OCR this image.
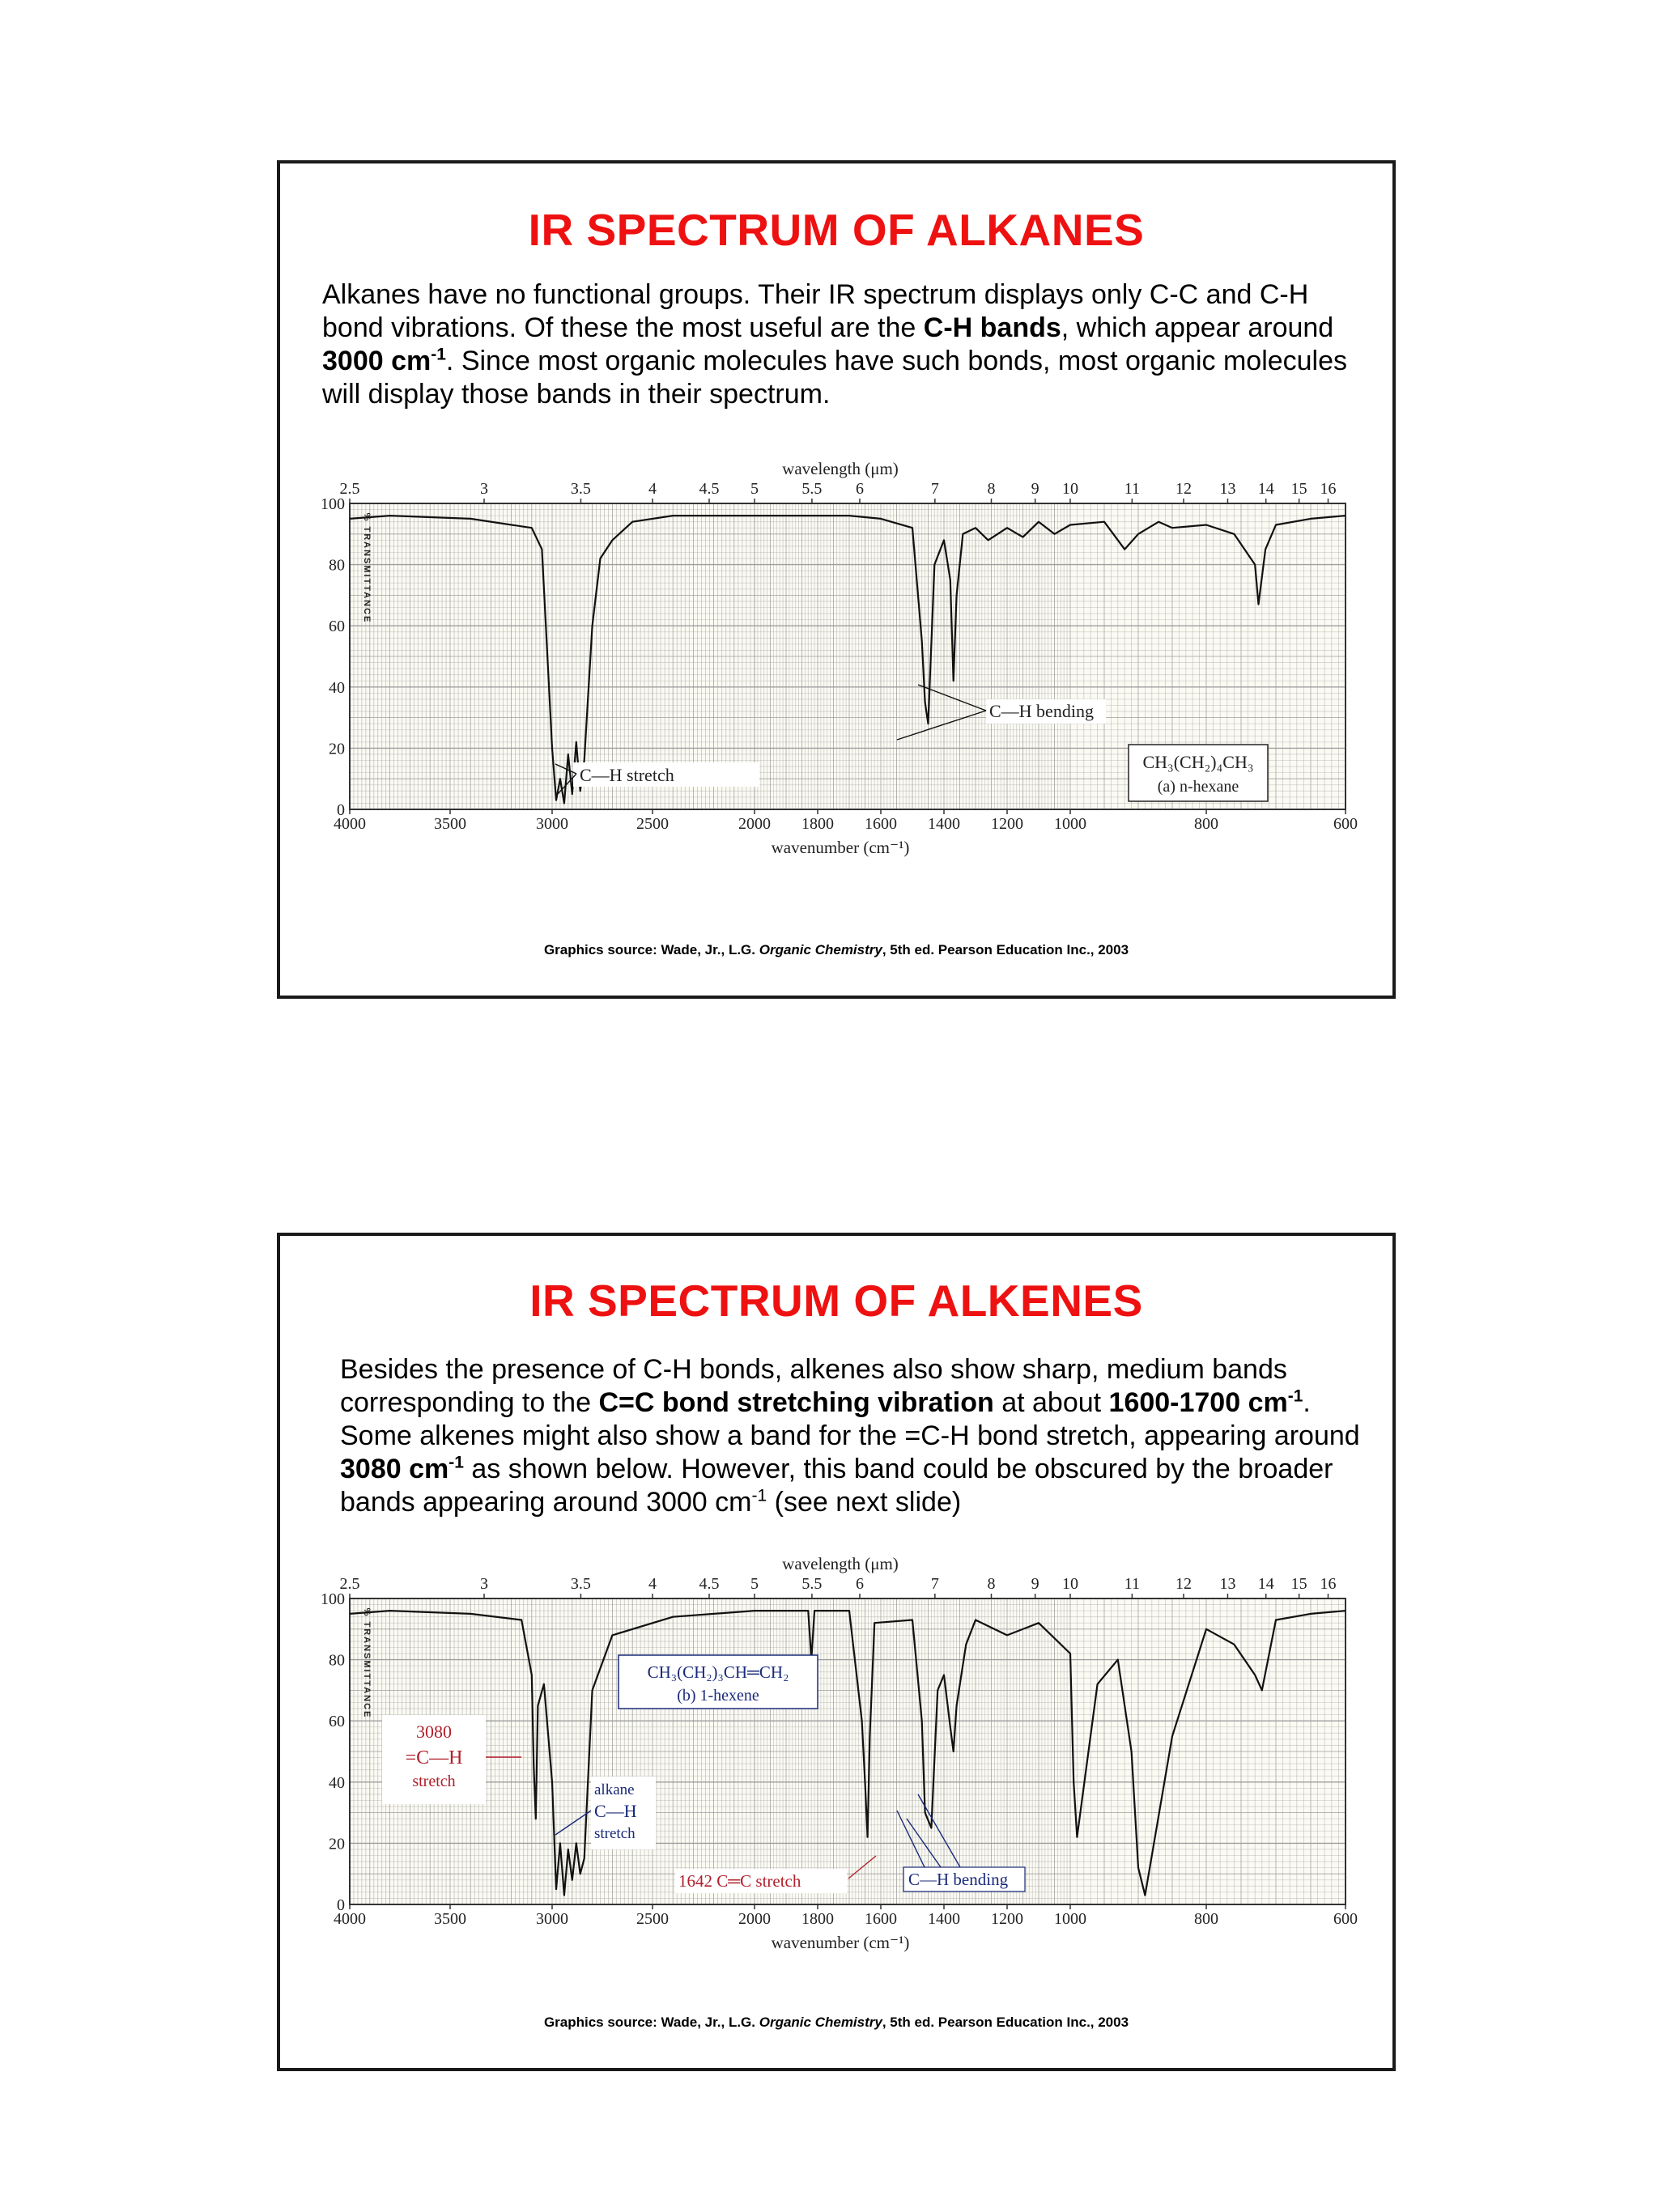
IR SPECTRUM OF ALKANES
Alkanes have no functional groups. Their IR spectrum displays only C-C and C-H bond vibrations. Of these the most useful are the C-H bands, which appear around 3000 $cm^{-1}$. Since most organic molecules have such bonds, most organic molecules will display those bands in their spectrum.
wavelength (μm)
2.5	3	3.5	4	4.5 5	5.5 6	7	8 9 10	11 12 13 14 15 16
4000	3500	3000	2500	2000 1800 1600 1400 1200 1000	800	600
wavenumber (cm⁻¹)
0
20
40
60
80
100
% TRANSMITTANCE
C—H stretch
C—H bending
CH₃(CH₂)₄CH₃
(a) n-hexane
Graphics source: Wade, Jr., L.G. Organic Chemistry, 5th ed. Pearson Education Inc., 2003
IR SPECTRUM OF ALKENES
Besides the presence of C-H bonds, alkenes also show sharp, medium bands corresponding to the C=C bond stretching vibration at about 1600-1700 $cm^{-1}$. Some alkenes might also show a band for the =C-H bond stretch, appearing around 3080 $cm^{-1}$ as shown below. However, this band could be obscured by the broader bands appearing around 3000 $cm^{-1}$ (see next slide)
wavelength (μm)
2.5	3	3.5	4	4.5 5	5.5 6	7	8 9 10	11 12 13 14 15 16
4000	3500	3000	2500	2000 1800 1600 1400 1200 1000	800	600
wavenumber (cm⁻¹)
0
20
40
60
80
100
% TRANSMITTANCE
3080
=C—H
stretch	alkane
C—H
stretch
CH₃(CH₂)₃CH═CH₂
(b) 1-hexene
1642 C═C stretch	C—H bending
Graphics source: Wade, Jr., L.G. Organic Chemistry, 5th ed. Pearson Education Inc., 2003
